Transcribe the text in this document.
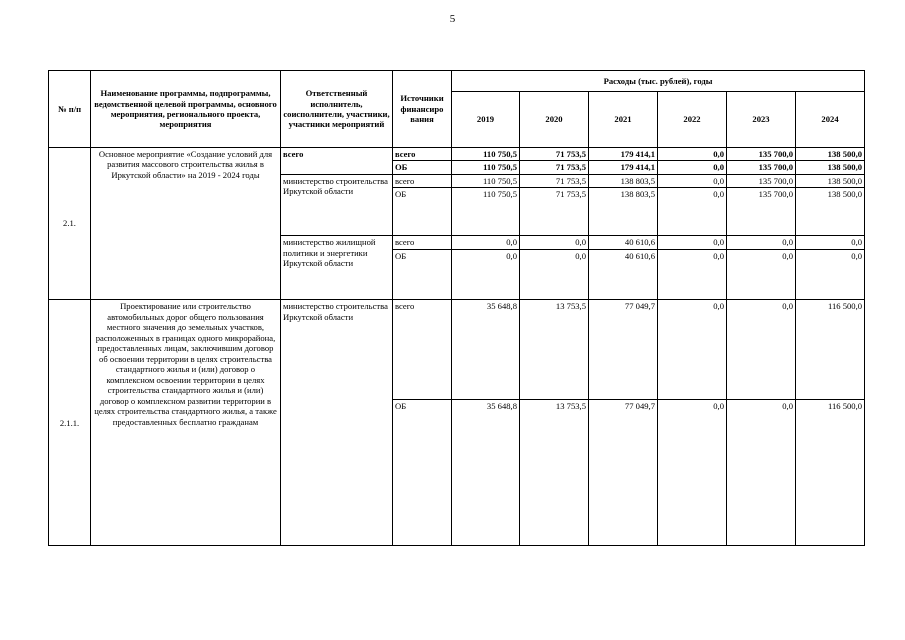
5
№ п/п	Наименование программы, подпрограммы, ведомственной целевой программы, основного мероприятия, регионального проекта, мероприятия	Ответственный исполнитель, соисполнители, участники, участники мероприятий	Источники финансиро вания	Расходы (тыс. рублей), годы					
				2019	2020	2021	2022	2023	2024
2.1.	Основное мероприятие «Создание условий для развития массового строительства жилья в Иркутской области» на 2019 - 2024 годы	всего	всего	110 750,5	71 753,5	179 414,1	0,0	135 700,0	138 500,0
			ОБ	110 750,5	71 753,5	179 414,1	0,0	135 700,0	138 500,0
		министерство строительства Иркутской области	всего	110 750,5	71 753,5	138 803,5	0,0	135 700,0	138 500,0
			ОБ	110 750,5	71 753,5	138 803,5	0,0	135 700,0	138 500,0
		министерство жилищной политики и энергетики Иркутской области	всего	0,0	0,0	40 610,6	0,0	0,0	0,0
			ОБ	0,0	0,0	40 610,6	0,0	0,0	0,0
2.1.1.	Проектирование или строительство автомобильных дорог общего пользования местного значения до земельных участков, расположенных в границах одного микрорайона, предоставленных лицам, заключившим договор об освоении территории в целях строительства стандартного жилья и (или) договор о комплексном освоении территории в целях строительства стандартного жилья и (или) договор о комплексном развитии территории в целях строительства стандартного жилья, а также предоставленных бесплатно гражданам	министерство строительства Иркутской области	всего	35 648,8	13 753,5	77 049,7	0,0	0,0	116 500,0
			ОБ	35 648,8	13 753,5	77 049,7	0,0	0,0	116 500,0
